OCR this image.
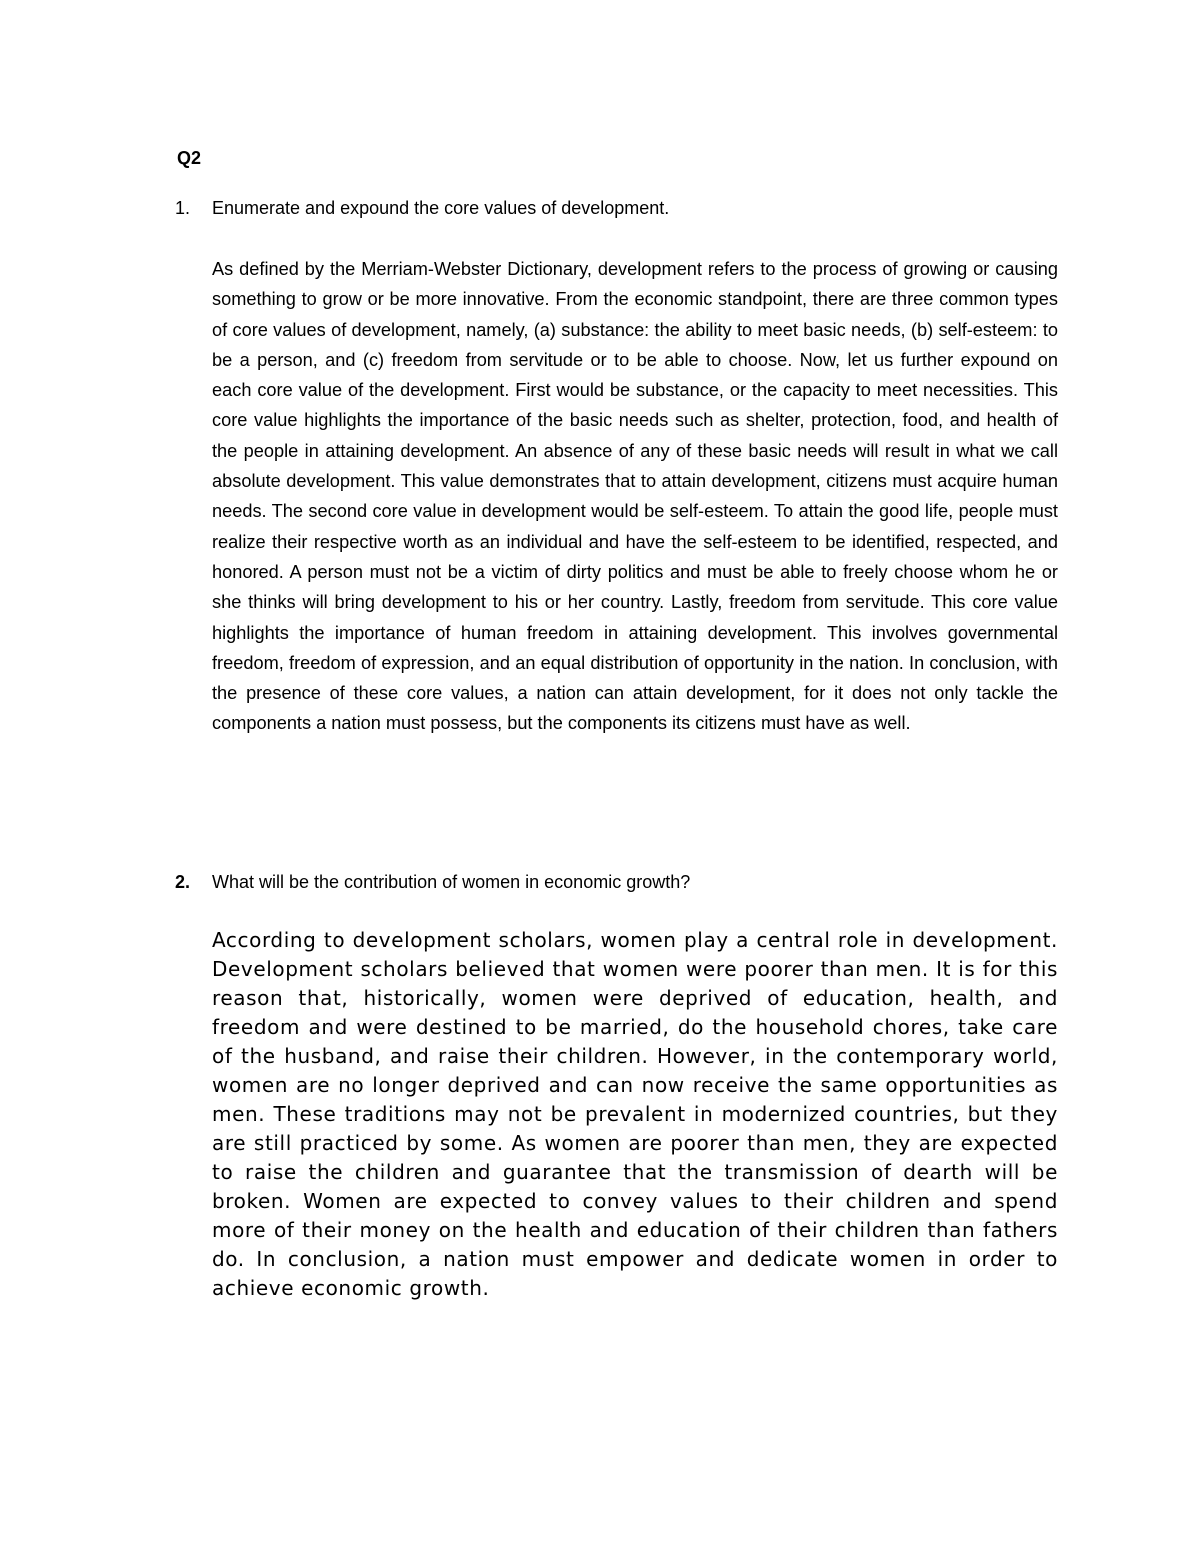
Q2
1. Enumerate and expound the core values of development.

As defined by the Merriam-Webster Dictionary, development refers to the process of growing or causing something to grow or be more innovative. From the economic standpoint, there are three common types of core values of development, namely, (a) substance: the ability to meet basic needs, (b) self-esteem: to be a person, and (c) freedom from servitude or to be able to choose. Now, let us further expound on each core value of the development. First would be substance, or the capacity to meet necessities. This core value highlights the importance of the basic needs such as shelter, protection, food, and health of the people in attaining development. An absence of any of these basic needs will result in what we call absolute development. This value demonstrates that to attain development, citizens must acquire human needs. The second core value in development would be self-esteem. To attain the good life, people must realize their respective worth as an individual and have the self-esteem to be identified, respected, and honored. A person must not be a victim of dirty politics and must be able to freely choose whom he or she thinks will bring development to his or her country. Lastly, freedom from servitude. This core value highlights the importance of human freedom in attaining development. This involves governmental freedom, freedom of expression, and an equal distribution of opportunity in the nation. In conclusion, with the presence of these core values, a nation can attain development, for it does not only tackle the components a nation must possess, but the components its citizens must have as well.

2. What will be the contribution of women in economic growth?

According to development scholars, women play a central role in development. Development scholars believed that women were poorer than men. It is for this reason that, historically, women were deprived of education, health, and freedom and were destined to be married, do the household chores, take care of the husband, and raise their children. However, in the contemporary world, women are no longer deprived and can now receive the same opportunities as men. These traditions may not be prevalent in modernized countries, but they are still practiced by some. As women are poorer than men, they are expected to raise the children and guarantee that the transmission of dearth will be broken. Women are expected to convey values to their children and spend more of their money on the health and education of their children than fathers do. In conclusion, a nation must empower and dedicate women in order to achieve economic growth.
